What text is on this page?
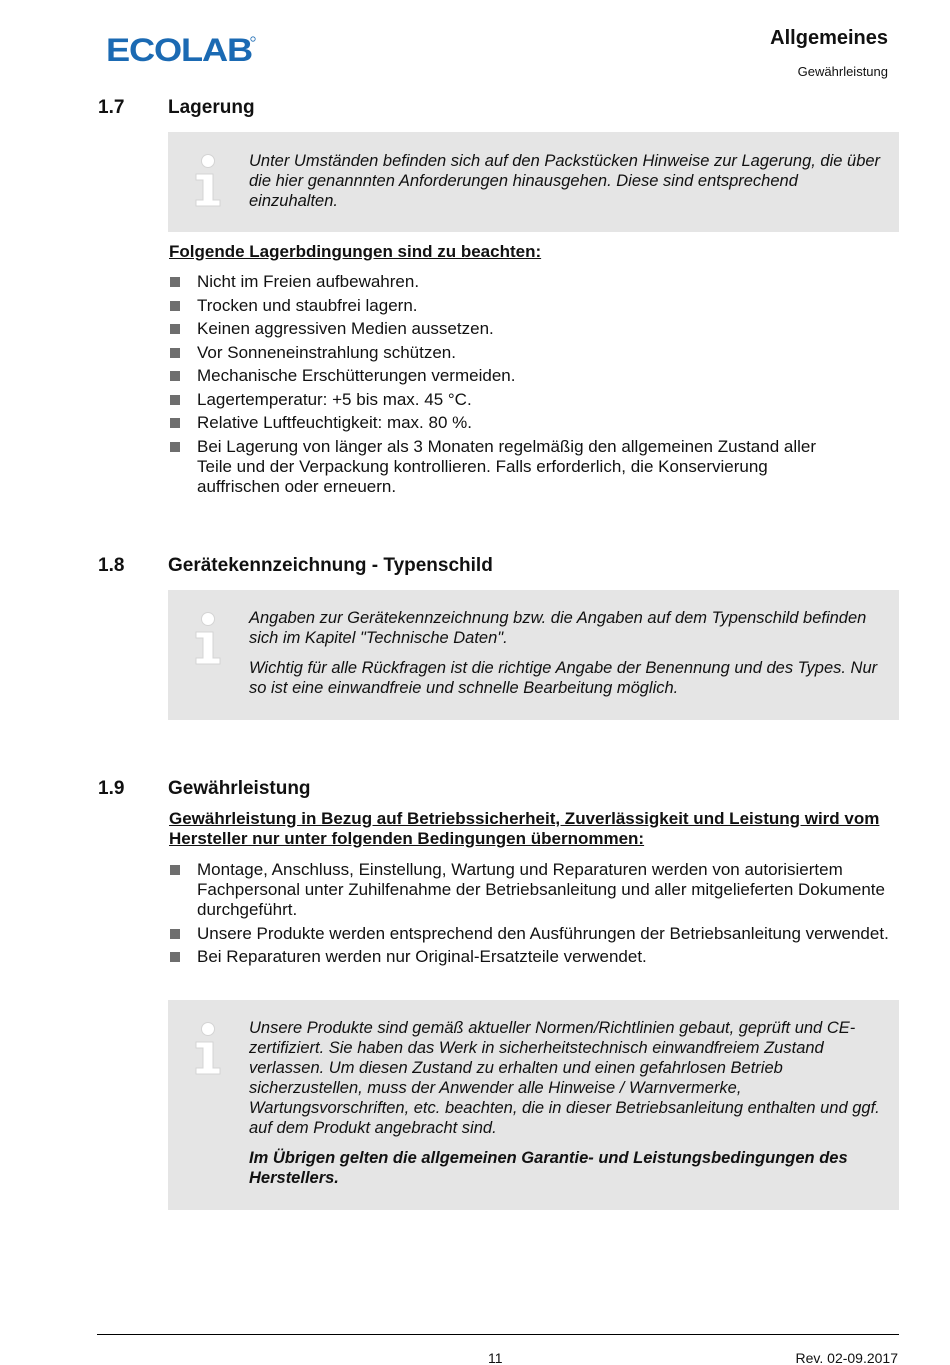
ECOLAB	Allgemeines
Gewährleistung
1.7 Lagerung

Unter Umständen befinden sich auf den Packstücken Hinweise zur Lagerung, die über die hier genannnten Anforderungen hinausgehen. Diese sind entsprechend einzuhalten.

Folgende Lagerbdingungen sind zu beachten:
Nicht im Freien aufbewahren.
Trocken und staubfrei lagern.
Keinen aggressiven Medien aussetzen.
Vor Sonneneinstrahlung schützen.
Mechanische Erschütterungen vermeiden.
Lagertemperatur: +5 bis max. 45 °C.
Relative Luftfeuchtigkeit: max. 80 %.
Bei Lagerung von länger als 3 Monaten regelmäßig den allgemeinen Zustand aller Teile und der Verpackung kontrollieren. Falls erforderlich, die Konservierung auffrischen oder erneuern.
1.8 Gerätekennzeichnung - Typenschild

Angaben zur Gerätekennzeichnung bzw. die Angaben auf dem Typenschild befinden sich im Kapitel "Technische Daten".

Wichtig für alle Rückfragen ist die richtige Angabe der Benennung und des Types. Nur so ist eine einwandfreie und schnelle Bearbeitung möglich.

1.9 Gewährleistung
Gewährleistung in Bezug auf Betriebssicherheit, Zuverlässigkeit und Leistung wird vom Hersteller nur unter folgenden Bedingungen übernommen:
Montage, Anschluss, Einstellung, Wartung und Reparaturen werden von autorisiertem Fachpersonal unter Zuhilfenahme der Betriebsanleitung und aller mitgelieferten Dokumente durchgeführt.
Unsere Produkte werden entsprechend den Ausführungen der Betriebsanleitung verwendet.
Bei Reparaturen werden nur Original-Ersatzteile verwendet.

Unsere Produkte sind gemäß aktueller Normen/Richtlinien gebaut, geprüft und CE-zertifiziert. Sie haben das Werk in sicherheitstechnisch einwandfreiem Zustand verlassen. Um diesen Zustand zu erhalten und einen gefahrlosen Betrieb sicherzustellen, muss der Anwender alle Hinweise / Warnvermerke, Wartungsvorschriften, etc. beachten, die in dieser Betriebsanleitung enthalten und ggf. auf dem Produkt angebracht sind.

Im Übrigen gelten die allgemeinen Garantie- und Leistungsbedingungen des Herstellers.

11	Rev. 02-09.2017
